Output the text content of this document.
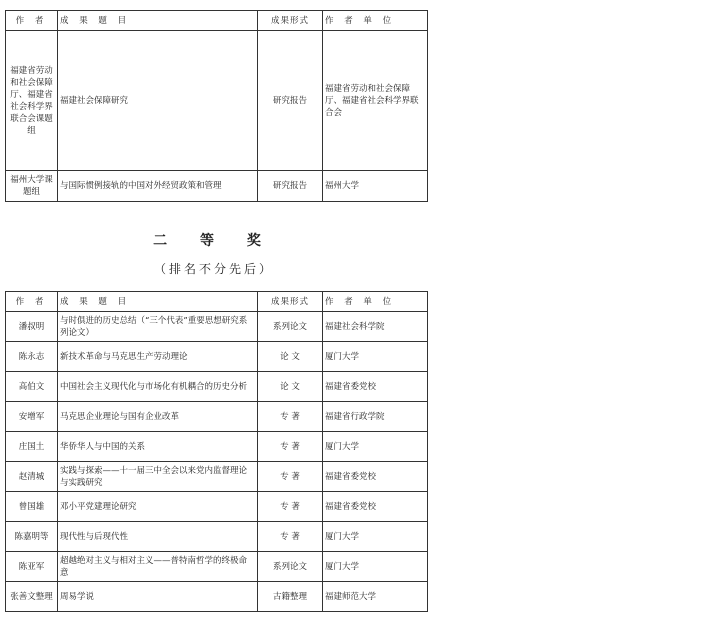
作 者	成 果 题 目	成果形式	作 者 单 位
福建省劳动和社会保障厅、福建省社会科学界联合会课题组	福建社会保障研究	研究报告	福建省劳动和社会保障厅、福建省社会科学界联合会
福州大学课题组	与国际惯例接轨的中国对外经贸政策和管理	研究报告	福州大学
二 等 奖
（排名不分先后）
作 者	成 果 题 目	成果形式	作 者 单 位
潘叔明	与时俱进的历史总结（“三个代表”重要思想研究系列论文）	系列论文	福建社会科学院
陈永志	新技术革命与马克思生产劳动理论	论 文	厦门大学
高伯文	中国社会主义现代化与市场化有机耦合的历史分析	论 文	福建省委党校
安增军	马克思企业理论与国有企业改革	专 著	福建省行政学院
庄国土	华侨华人与中国的关系	专 著	厦门大学
赵清城	实践与探索——十一届三中全会以来党内监督理论与实践研究	专 著	福建省委党校
曾国雄	邓小平党建理论研究	专 著	福建省委党校
陈嘉明等	现代性与后现代性	专 著	厦门大学
陈亚军	超越绝对主义与相对主义——普特南哲学的终极命意	系列论文	厦门大学
张善文整理	周易学说	古籍整理	福建师范大学
